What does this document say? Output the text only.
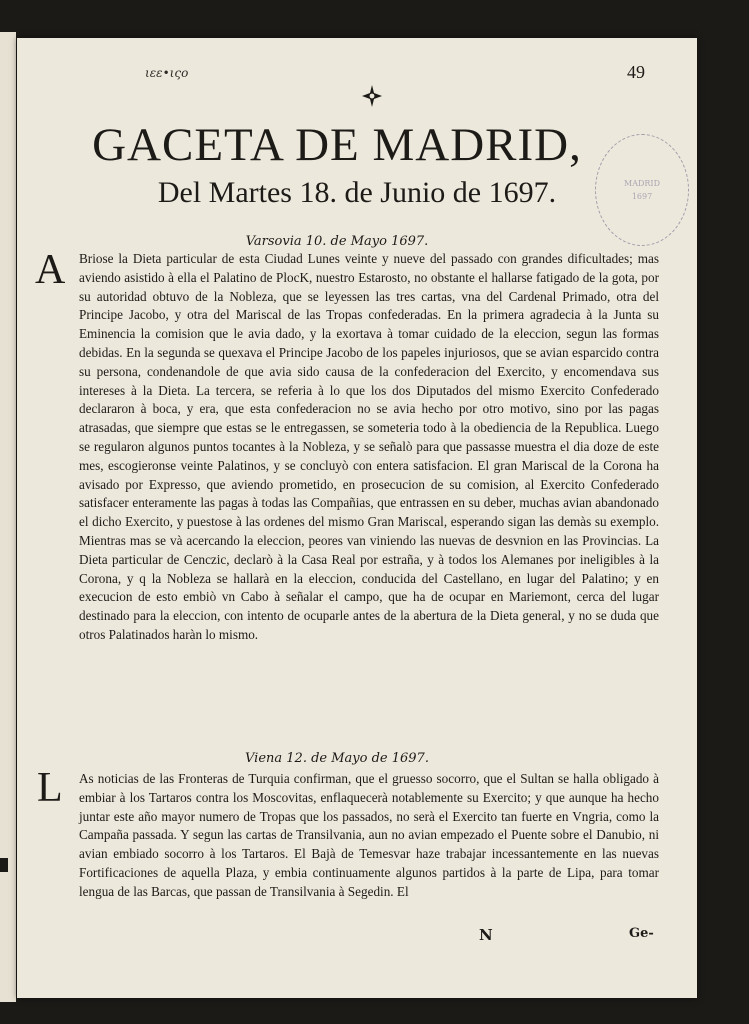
ιεε•ιςο	49
GACETA DE MADRID,
Del Martes 18. de Junio de 1697.	MADRID
1697
Varsovia 10. de Mayo 1697.
A Briose la Dieta particular de esta Ciudad Lunes veinte y nueve del passado con grandes dificultades; mas aviendo asistido à ella el Palatino de PlocK, nuestro Estarosto, no obstante el hallarse fatigado de la gota, por su autoridad obtuvo de la Nobleza, que se leyessen las tres cartas, vna del Cardenal Primado, otra del Principe Jacobo, y otra del Mariscal de las Tropas confederadas. En la primera agradecia à la Junta su Eminencia la comision que le avia dado, y la exortava à tomar cuidado de la eleccion, segun las formas debidas. En la segunda se quexava el Principe Jacobo de los papeles injuriosos, que se avian esparcido contra su persona, condenandole de que avia sido causa de la confederacion del Exercito, y encomendava sus intereses à la Dieta. La tercera, se referia à lo que los dos Diputados del mismo Exercito Confederado declararon à boca, y era, que esta confederacion no se avia hecho por otro motivo, sino por las pagas atrasadas, que siempre que estas se le entregassen, se someteria todo à la obediencia de la Republica. Luego se regularon algunos puntos tocantes à la Nobleza, y se señalò para que passasse muestra el dia doze de este mes, escogieronse veinte Palatinos, y se concluyò con entera satisfacion. El gran Mariscal de la Corona ha avisado por Expresso, que aviendo prometido, en prosecucion de su comision, al Exercito Confederado satisfacer enteramente las pagas à todas las Compañias, que entrassen en su deber, muchas avian abandonado el dicho Exercito, y puestose à las ordenes del mismo Gran Mariscal, esperando sigan las demàs su exemplo. Mientras mas se và acercando la eleccion, peores van viniendo las nuevas de desvnion en las Provincias. La Dieta particular de Cenczic, declarò à la Casa Real por estraña, y à todos los Alemanes por ineligibles à la Corona, y q la Nobleza se hallarà en la eleccion, conducida del Castellano, en lugar del Palatino; y en execucion de esto embiò vn Cabo à señalar el campo, que ha de ocupar en Mariemont, cerca del lugar destinado para la eleccion, con intento de ocuparle antes de la abertura de la Dieta general, y no se duda que otros Palatinados haràn lo mismo.
Viena 12. de Mayo de 1697.
L As noticias de las Fronteras de Turquia confirman, que el gruesso socorro, que el Sultan se halla obligado à embiar à los Tartaros contra los Moscovitas, enflaquecerà notablemente su Exercito; y que aunque ha hecho juntar este año mayor numero de Tropas que los passados, no serà el Exercito tan fuerte en Vngria, como la Campaña passada. Y segun las cartas de Transilvania, aun no avian empezado el Puente sobre el Danubio, ni avian embiado socorro à los Tartaros. El Bajà de Temesvar haze trabajar incessantemente en las nuevas Fortificaciones de aquella Plaza, y embia continuamente algunos partidos à la parte de Lipa, para tomar lengua de las Barcas, que passan de Transilvania à Segedin. El
N	Ge-
